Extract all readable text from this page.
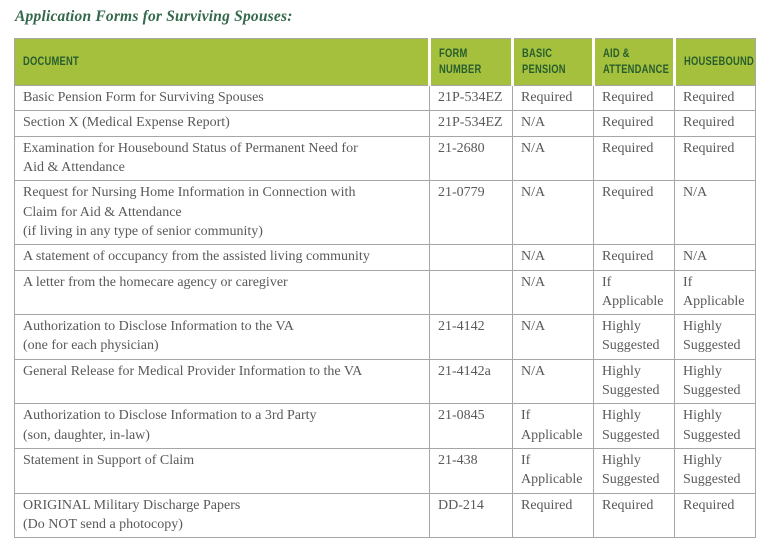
Application Forms for Surviving Spouses:
DOCUMENT	FORM NUMBER	BASIC PENSION	AID & ATTENDANCE	HOUSEBOUND

Basic Pension Form for Surviving Spouses	21P-534EZ	Required	Required	Required

Section X (Medical Expense Report)	21P-534EZ	N/A	Required	Required

Examination for Housebound Status of Permanent Need for
Aid & Attendance	21-2680	N/A	Required	Required

Request for Nursing Home Information in Connection with
Claim for Aid & Attendance
(if living in any type of senior community)	21-0779	N/A	Required	N/A

A statement of occupancy from the assisted living community		N/A	Required	N/A

A letter from the homecare agency or caregiver		N/A	If Applicable	If Applicable

Authorization to Disclose Information to the VA
(one for each physician)	21-4142	N/A	Highly Suggested	Highly Suggested

General Release for Medical Provider Information to the VA	21-4142a	N/A	Highly Suggested	Highly Suggested

Authorization to Disclose Information to a 3rd Party
(son, daughter, in-law)	21-0845	If Applicable	Highly Suggested	Highly Suggested

Statement in Support of Claim	21-438	If Applicable	Highly Suggested	Highly Suggested

ORIGINAL Military Discharge Papers
(Do NOT send a photocopy)	DD-214	Required	Required	Required
